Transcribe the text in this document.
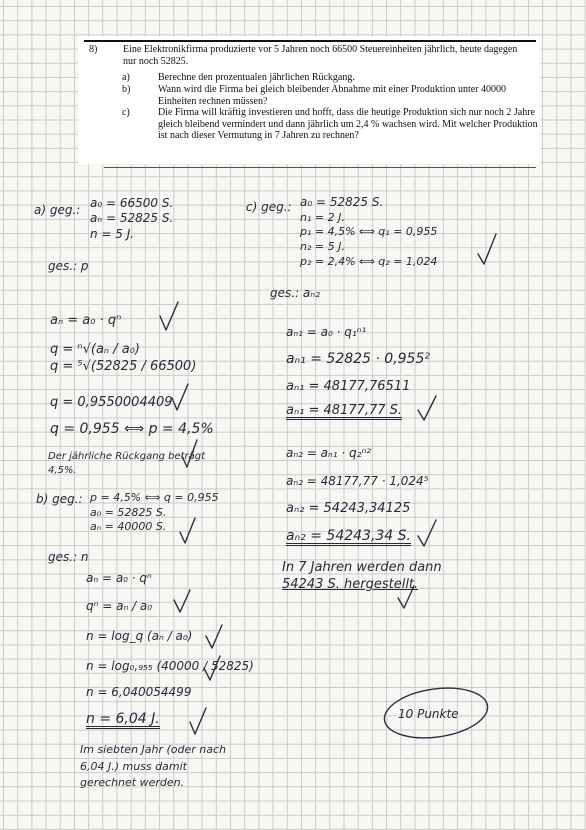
8)	Eine Elektronikfirma produzierte vor 5 Jahren noch 66500 Steuereinheiten jährlich, heute dagegen nur noch 52825.
a)	Berechne den prozentualen jährlichen Rückgang.
b)	Wann wird die Firma bei gleich bleibender Abnahme mit einer Produktion unter 40000 Einheiten rechnen müssen?
c)	Die Firma will kräftig investieren und hofft, dass die heutige Produktion sich nur noch 2 Jahre gleich bleibend vermindert und dann jährlich um 2,4 % wachsen wird. Mit welcher Produktion ist nach dieser Vermutung in 7 Jahren zu rechnen?
a) geg.: a₀ = 66500 S.
aₙ = 52825 S.
n = 5 J.
ges.: p
aₙ = a₀ · qⁿ
q = ⁿ√(aₙ / a₀)
q = ⁵√(52825 / 66500)
q = 0,9550004409
q = 0,955 ⟺ p = 4,5%
Der jährliche Rückgang beträgt
4,5%.
b) geg.: p = 4,5% ⟺ q = 0,955
a₀ = 52825 S.
aₙ = 40000 S.
ges.: n
aₙ = a₀ · qⁿ
qⁿ = aₙ / a₀
n = log_q (aₙ / a₀)
n = log₀,₉₅₅ (40000 / 52825)
n = 6,040054499
n = 6,04 J.
Im siebten Jahr (oder nach
6,04 J.) muss damit
gerechnet werden.
c) geg.: a₀ = 52825 S.
n₁ = 2 J.
p₁ = 4,5% ⟺ q₁ = 0,955
n₂ = 5 J.
p₂ = 2,4% ⟺ q₂ = 1,024
ges.: aₙ₂
aₙ₁ = a₀ · q₁ⁿ¹
aₙ₁ = 52825 · 0,955²
aₙ₁ = 48177,76511
aₙ₁ = 48177,77 S.
aₙ₂ = aₙ₁ · q₂ⁿ²
aₙ₂ = 48177,77 · 1,024⁵
aₙ₂ = 54243,34125
aₙ₂ = 54243,34 S.
In 7 Jahren werden dann
54243 S. hergestellt.
10 Punkte
